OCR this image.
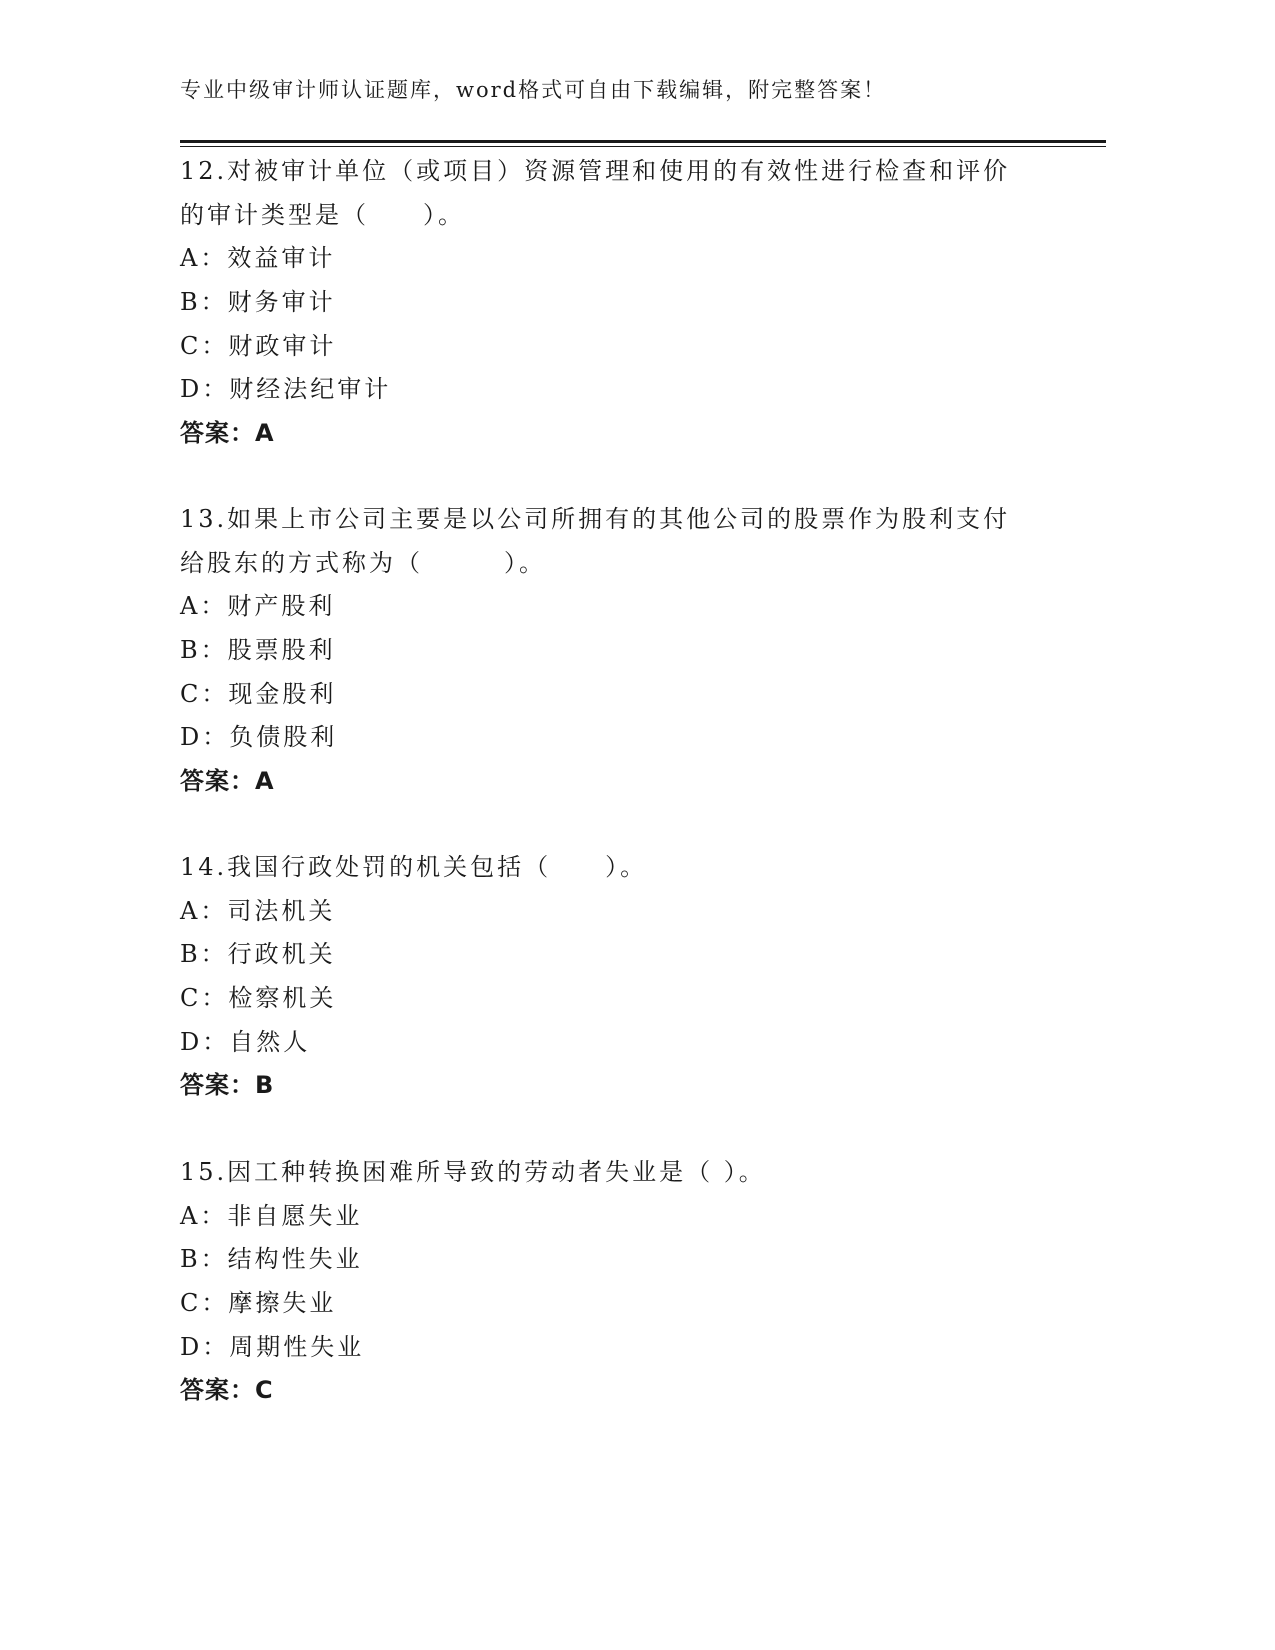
专业中级审计师认证题库，word格式可自由下载编辑，附完整答案！
12.对被审计单位（或项目）资源管理和使用的有效性进行检查和评价
的审计类型是（　　）。
A：效益审计
B：财务审计
C：财政审计
D：财经法纪审计
答案：A
13.如果上市公司主要是以公司所拥有的其他公司的股票作为股利支付
给股东的方式称为（　　　）。
A：财产股利
B：股票股利
C：现金股利
D：负债股利
答案：A
14.我国行政处罚的机关包括（　　）。
A：司法机关
B：行政机关
C：检察机关
D：自然人
答案：B
15.因工种转换困难所导致的劳动者失业是（ ）。
A：非自愿失业
B：结构性失业
C：摩擦失业
D：周期性失业
答案：C
